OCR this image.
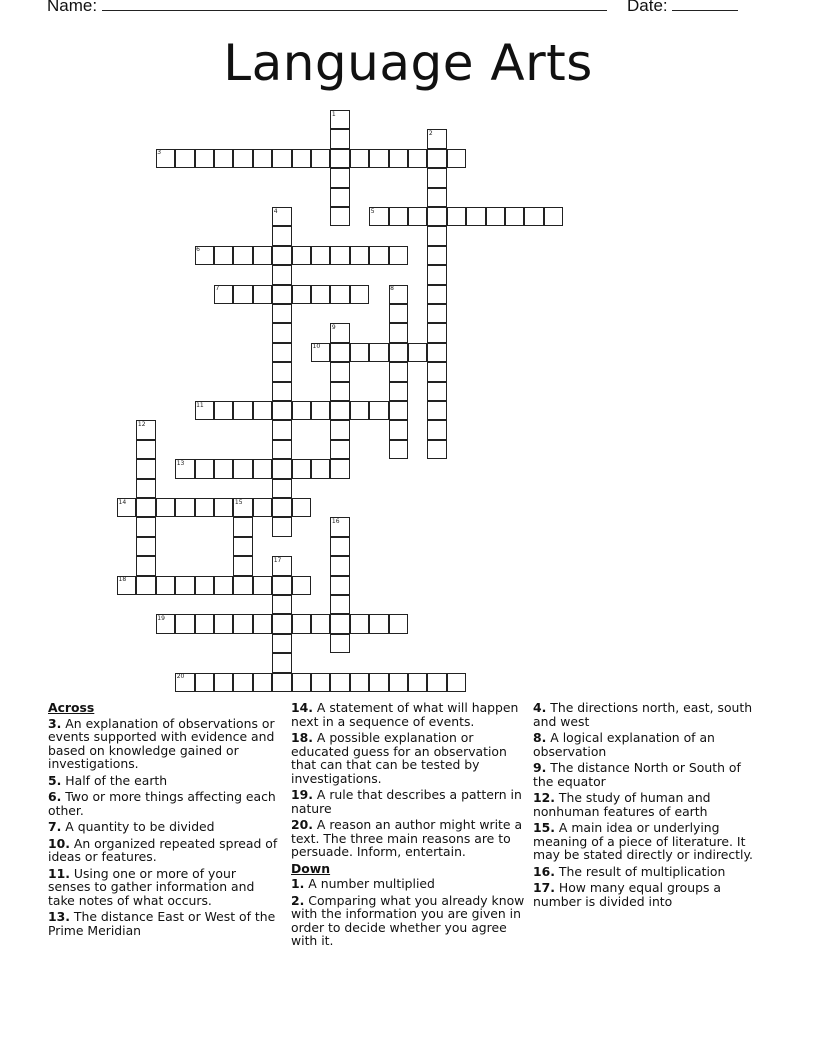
Name:	Date:
Language Arts
1
2
3
4	5
6
7	8
9
10
11
12
13
14	15
16
17
18
19
20
Across
3. An explanation of observations or events supported with evidence and based on knowledge gained or investigations.
5. Half of the earth
6. Two or more things affecting each other.
7. A quantity to be divided
10. An organized repeated spread of ideas or features.
11. Using one or more of your senses to gather information and take notes of what occurs.
13. The distance East or West of the Prime Meridian
14. A statement of what will happen next in a sequence of events.
18. A possible explanation or educated guess for an observation that can that can be tested by investigations.
19. A rule that describes a pattern in nature
20. A reason an author might write a text. The three main reasons are to persuade. Inform, entertain.
Down
1. A number multiplied
2. Comparing what you already know with the information you are given in order to decide whether you agree with it.
4. The directions north, east, south and west
8. A logical explanation of an observation
9. The distance North or South of the equator
12. The study of human and nonhuman features of earth
15. A main idea or underlying meaning of a piece of literature. It may be stated directly or indirectly.
16. The result of multiplication
17. How many equal groups a number is divided into
